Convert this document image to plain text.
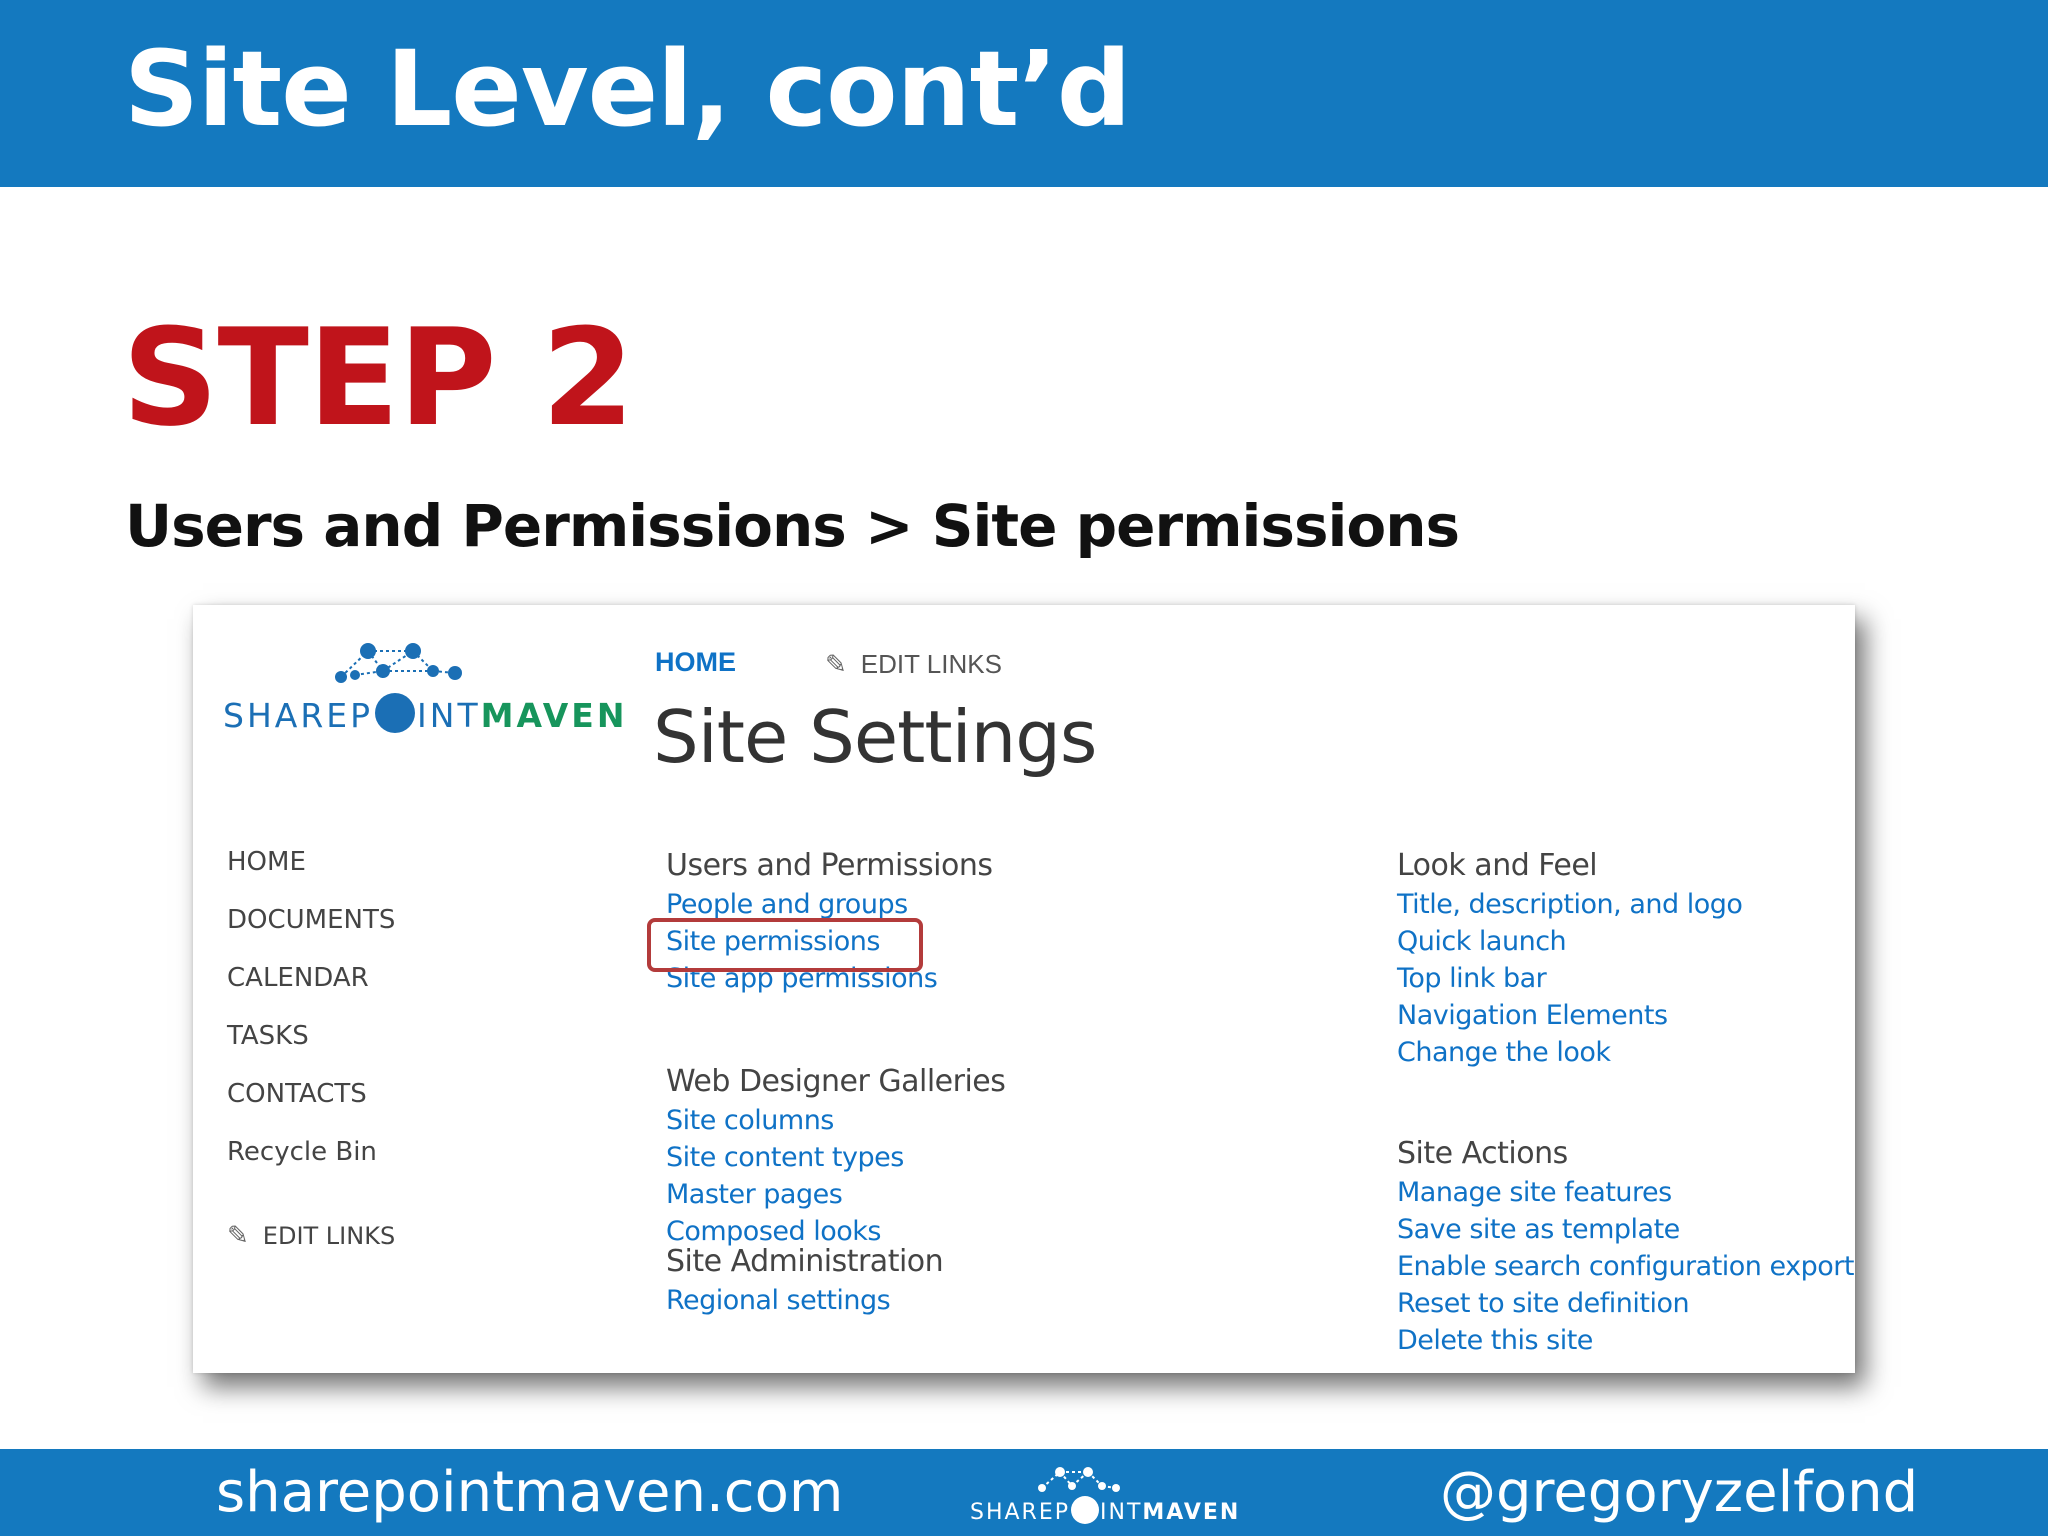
Site Level, cont’d
STEP 2
Users and Permissions > Site permissions
SHAREP INTMAVEN
HOME	✎ EDIT LINKS
Site Settings
HOME
DOCUMENTS
CALENDAR
TASKS
CONTACTS
Recycle Bin
✎ EDIT LINKS
Users and Permissions
People and groups
Site permissions
Site app permissions
Web Designer Galleries
Site columns
Site content types
Master pages
Composed looks
Site Administration
Regional settings
Look and Feel
Title, description, and logo
Quick launch
Top link bar
Navigation Elements
Change the look
Site Actions
Manage site features
Save site as template
Enable search configuration export
Reset to site definition
Delete this site
sharepointmaven.com	SHAREP INTMAVEN	@gregoryzelfond
